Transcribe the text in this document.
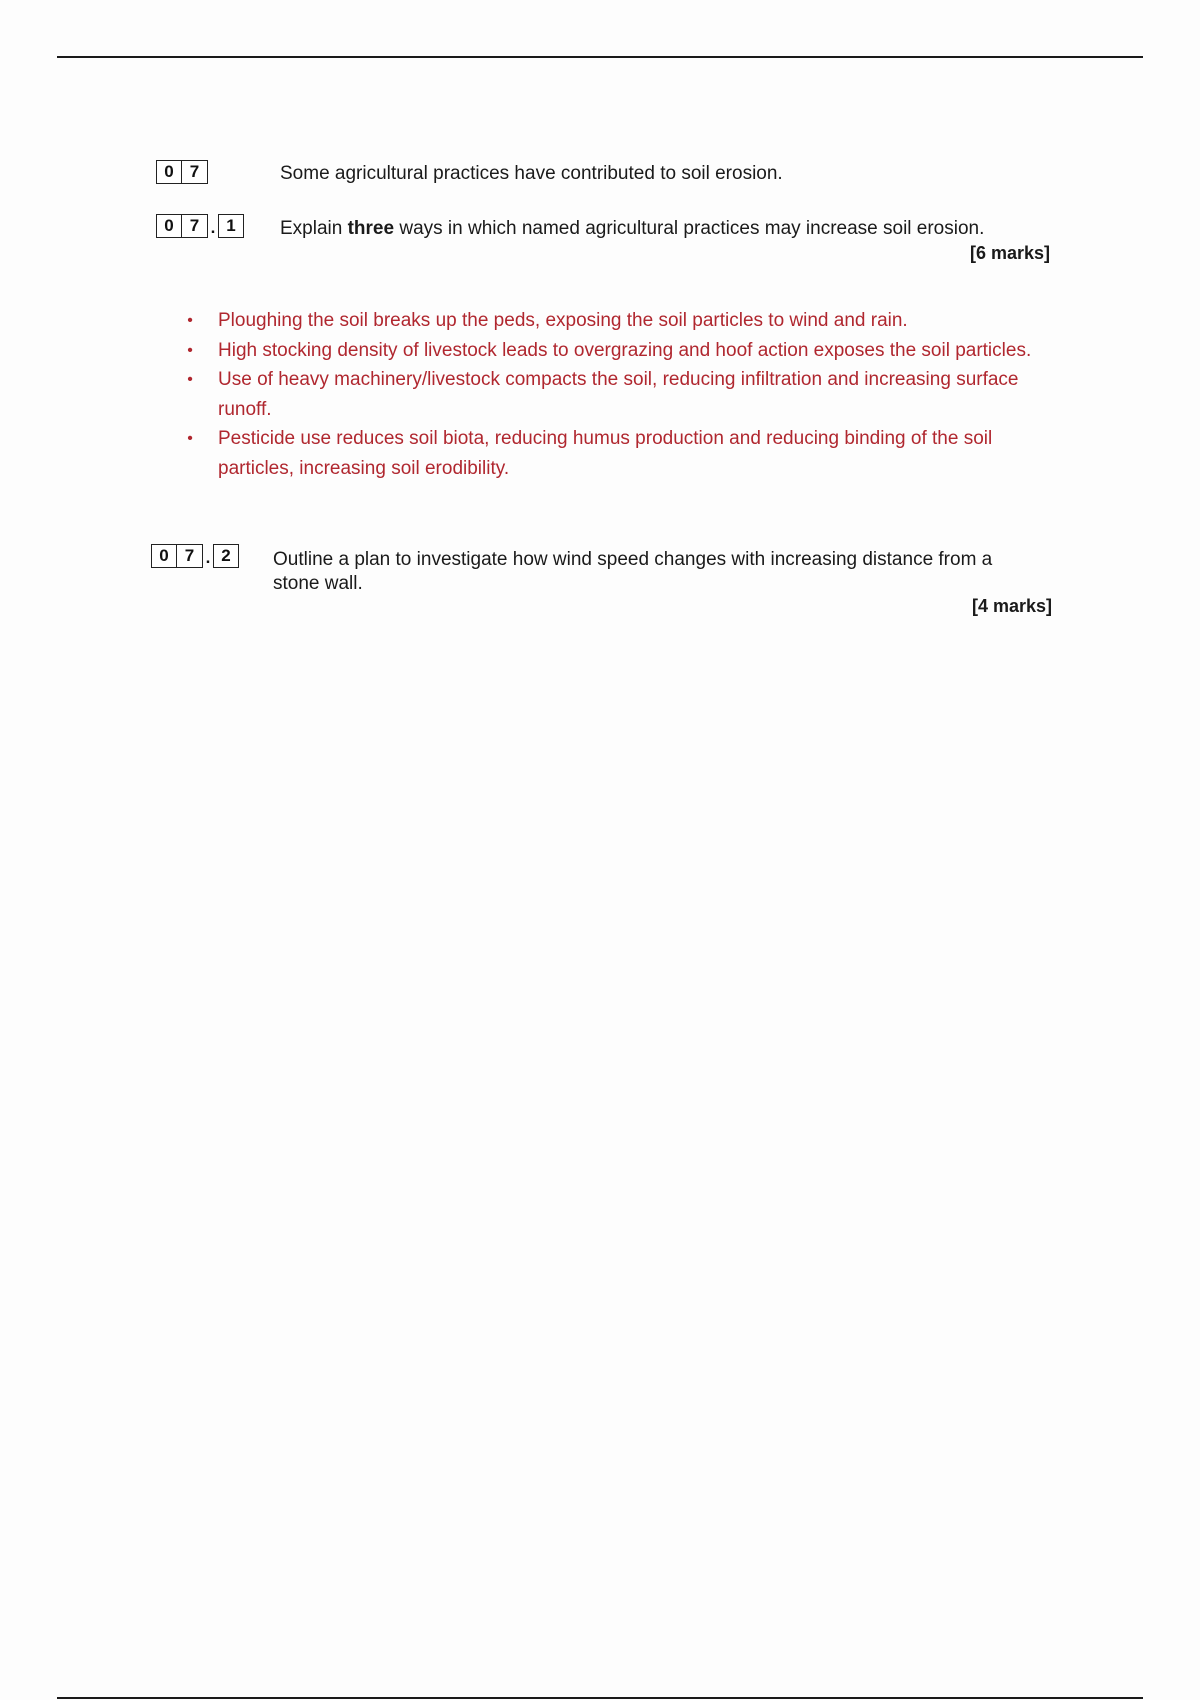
0 7	Some agricultural practices have contributed to soil erosion.
0 7 . 1	Explain three ways in which named agricultural practices may increase soil erosion.
[6 marks]
•	Ploughing the soil breaks up the peds, exposing the soil particles to wind and rain.
•	High stocking density of livestock leads to overgrazing and hoof action exposes the soil particles.
•	Use of heavy machinery/livestock compacts the soil, reducing infiltration and increasing surface runoff.
•	Pesticide use reduces soil biota, reducing humus production and reducing binding of the soil particles, increasing soil erodibility.
0 7 . 2	Outline a plan to investigate how wind speed changes with increasing distance from a
stone wall.
[4 marks]
